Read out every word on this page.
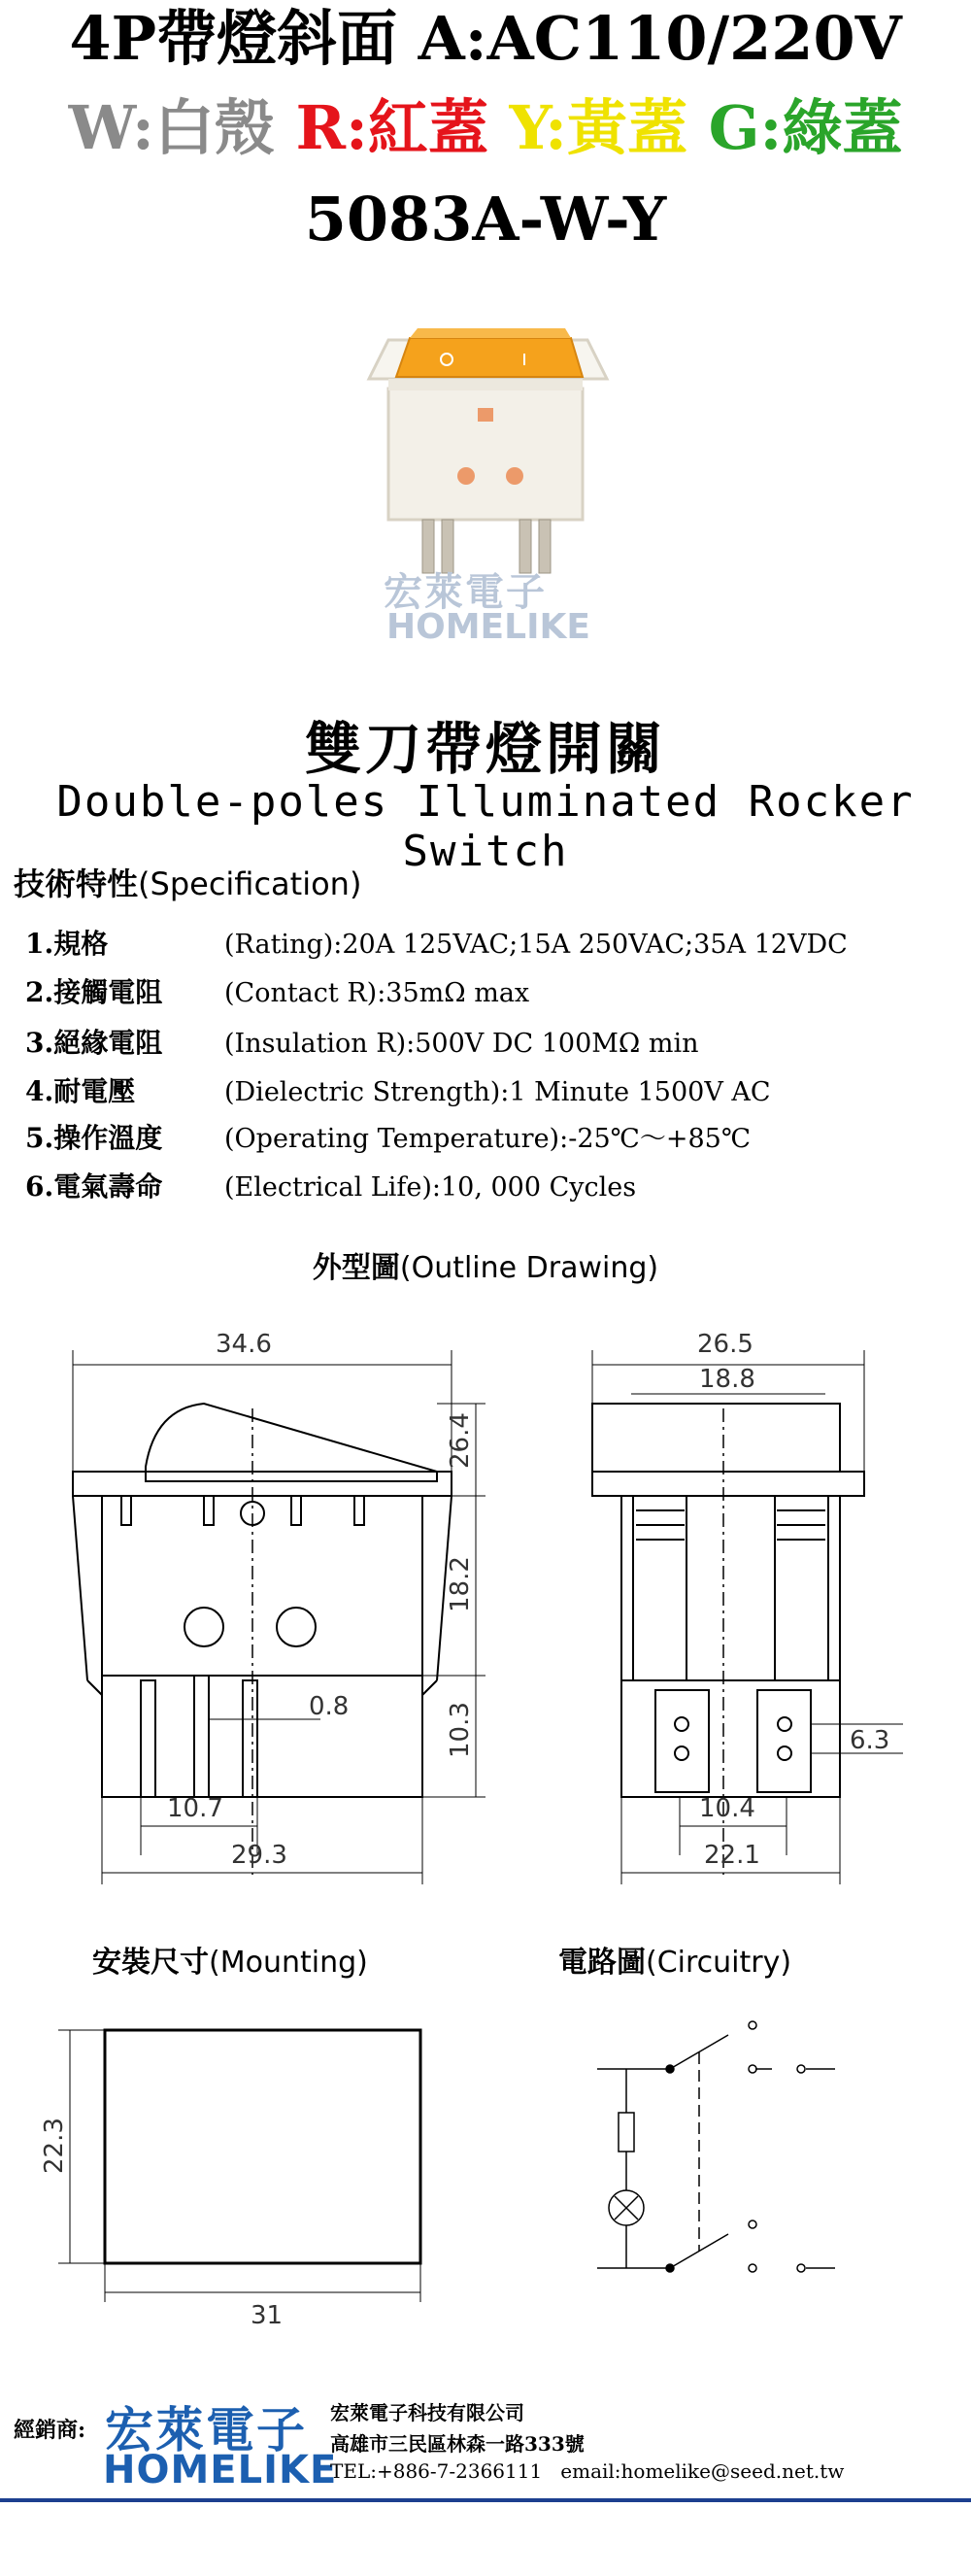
4P帶燈斜面 A:AC110/220V
W:白殼 R:紅蓋 Y:黃蓋 G:綠蓋
5083A-W-Y
宏萊電子
HOMELIKE
雙刀帶燈開關
Double-poles Illuminated Rocker Switch
技術特性(Specification)
1.規格	(Rating):20A 125VAC;15A 250VAC;35A 12VDC
2.接觸電阻 (Contact R):35mΩ max
3.絕緣電阻 (Insulation R):500V DC 100MΩ min
4.耐電壓	(Dielectric Strength):1 Minute 1500V AC
5.操作溫度 (Operating Temperature):-25℃～+85℃
6.電氣壽命 (Electrical Life):10, 000 Cycles
外型圖(Outline Drawing)
34.6
26.4
18.2
0.8	10.3
10.7
29.3
26.5
18.8
10.4
22.1
6.3
安裝尺寸(Mounting)	電路圖(Circuitry)
22.3
31
經銷商: 宏萊電子
HOMELIKE
宏萊電子科技有限公司
高雄市三民區林森一路333號
TEL:+886-7-2366111 email:homelike@seed.net.tw
